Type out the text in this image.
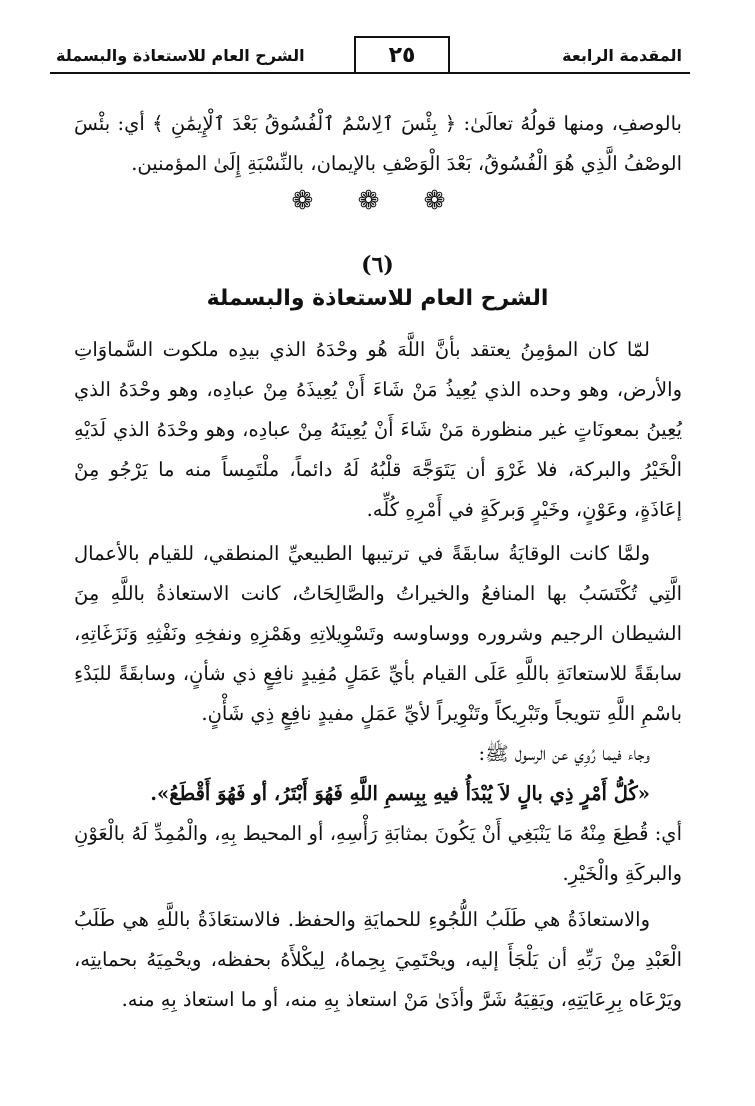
المقدمة الرابعة
٢٥
الشرح العام للاستعاذة والبسملة

بالوصفِ، ومنها قولُهُ تعالَىٰ: ﴿ بِئْسَ ٱلِاسْمُ ٱلْفُسُوقُ بَعْدَ ٱلْإِيمَٰنِ ﴾ أي: بئْسَ الوصْفُ الَّذِي هُوَ الْفُسُوقُ، بَعْدَ الْوَصْفِ بالإيمان، بالنِّسْبَةِ إِلَىٰ المؤمنين.

❁ ❁ ❁
(٦)
الشرح العام للاستعاذة والبسملة

لمّا كان المؤمِنُ يعتقد بأنَّ اللَّهَ هُو وحْدَهُ الذي بيدِه ملكوت السَّماوَاتِ والأرض، وهو وحده الذي يُعِيذُ مَنْ شَاءَ أَنْ يُعِيذَهُ مِنْ عبادِه، وهو وحْدَهُ الذي يُعِينُ بمعونَاتٍ غير منظورة مَنْ شَاءَ أَنْ يُعِينَهُ مِنْ عبادِه، وهو وحْدَهُ الذي لَدَيْهِ الْخَيْرُ والبركة، فلا غَرْوَ أن يَتَوَجَّهَ قلْبُهُ لَهُ دائماً، ملْتَمِساً منه ما يَرْجُو مِنْ إعَاذَةٍ، وعَوْنٍ، وخَيْرٍ وَبركَةٍ في أَمْرِهِ كُلِّه.

ولمَّا كانت الوقايَةُ سابقَةً في ترتيبها الطبيعيِّ المنطقي، للقيام بالأعمال الَّتِي تُكْتَسَبُ بها المنافعُ والخيراتُ والصَّالِحَاتُ، كانت الاستعاذةُ باللَّهِ مِنَ الشيطان الرجيم وشروره ووساوسه وتَسْوِيلاتِهِ وهَمْزِهِ ونفخِهِ ونَفْثِهِ وَنَزَغَاتِهِ، سابقَةً للاستعانَةِ باللَّهِ عَلَى القيام بأيِّ عَمَلٍ مُفِيدٍ نافِعٍ ذي شأنٍ، وسابقَةً للبَدْءِ باسْمِ اللَّهِ تتويجاً وتَبْرِيكاً وتَنْوِيراً لأيِّ عَمَلٍ مفيدٍ نافِعٍ ذِي شَأْنٍ.

وجاء فيما رُوِي عن الرسول ﷺ:

«كُلُّ أَمْرٍ ذِي بالٍ لاَ يُبْدَأُ فيهِ بِبِسمِ اللَّهِ فَهُوَ أَبْتَرُ، أو فَهُوَ أَقْطَعُ».

أي: قُطِعَ مِنْهُ مَا يَنْبَغِي أَنْ يَكُونَ بمثابَةِ رَأْسِهِ، أو المحيط بِهِ، والْمُمِدِّ لَهُ بالْعَوْنِ والبركَةِ والْخَيْرِ.

والاستعاذَةُ هي طَلَبُ اللُّجُوءِ للحمايَةِ والحفظ. فالاستعَاذَةُ باللَّهِ هي طَلَبُ الْعَبْدِ مِنْ رَبِّهِ أن يَلْجَأَ إليه، ويحْتَمِيَ بِحِماهُ، لِيكْلأَهُ بحفظه، ويحْمِيَهُ بحمايتِه، ويَرْعَاه بِرِعَايَتِهِ، ويَقِيَهُ شَرَّ وأذَىٰ مَنْ استعاذ بِهِ منه، أو ما استعاذ بِهِ منه.
